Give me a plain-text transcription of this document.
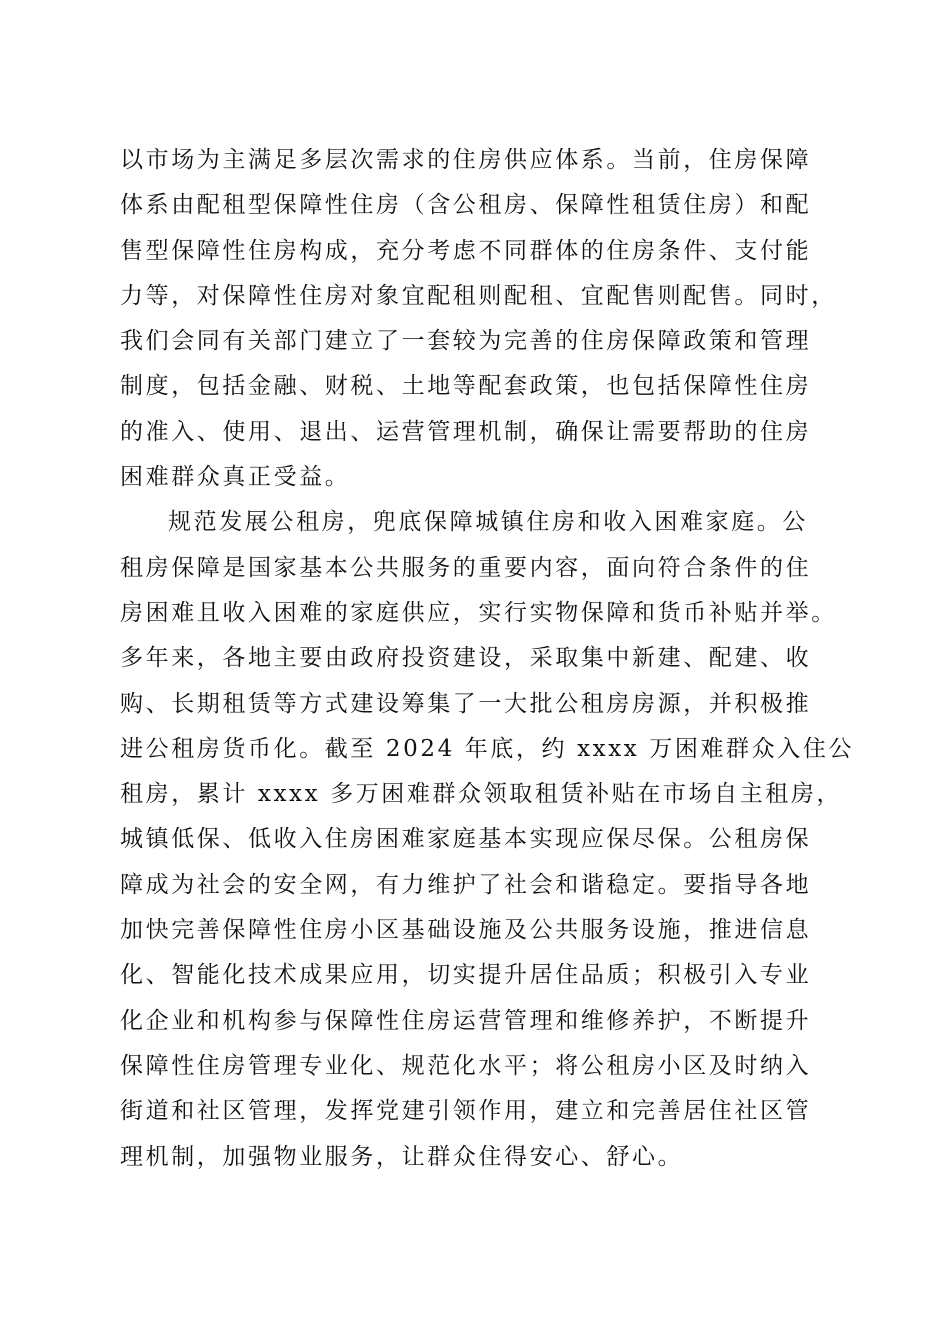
以市场为主满足多层次需求的住房供应体系。当前，住房保障
体系由配租型保障性住房（含公租房、保障性租赁住房）和配
售型保障性住房构成，充分考虑不同群体的住房条件、支付能
力等，对保障性住房对象宜配租则配租、宜配售则配售。同时，
我们会同有关部门建立了一套较为完善的住房保障政策和管理
制度，包括金融、财税、土地等配套政策，也包括保障性住房
的准入、使用、退出、运营管理机制，确保让需要帮助的住房
困难群众真正受益。
规范发展公租房，兜底保障城镇住房和收入困难家庭。公
租房保障是国家基本公共服务的重要内容，面向符合条件的住
房困难且收入困难的家庭供应，实行实物保障和货币补贴并举。
多年来，各地主要由政府投资建设，采取集中新建、配建、收
购、长期租赁等方式建设筹集了一大批公租房房源，并积极推
进公租房货币化。截至 2024 年底，约 xxxx 万困难群众入住公
租房，累计 xxxx 多万困难群众领取租赁补贴在市场自主租房，
城镇低保、低收入住房困难家庭基本实现应保尽保。公租房保
障成为社会的安全网，有力维护了社会和谐稳定。要指导各地
加快完善保障性住房小区基础设施及公共服务设施，推进信息
化、智能化技术成果应用，切实提升居住品质；积极引入专业
化企业和机构参与保障性住房运营管理和维修养护，不断提升
保障性住房管理专业化、规范化水平；将公租房小区及时纳入
街道和社区管理，发挥党建引领作用，建立和完善居住社区管
理机制，加强物业服务，让群众住得安心、舒心。
